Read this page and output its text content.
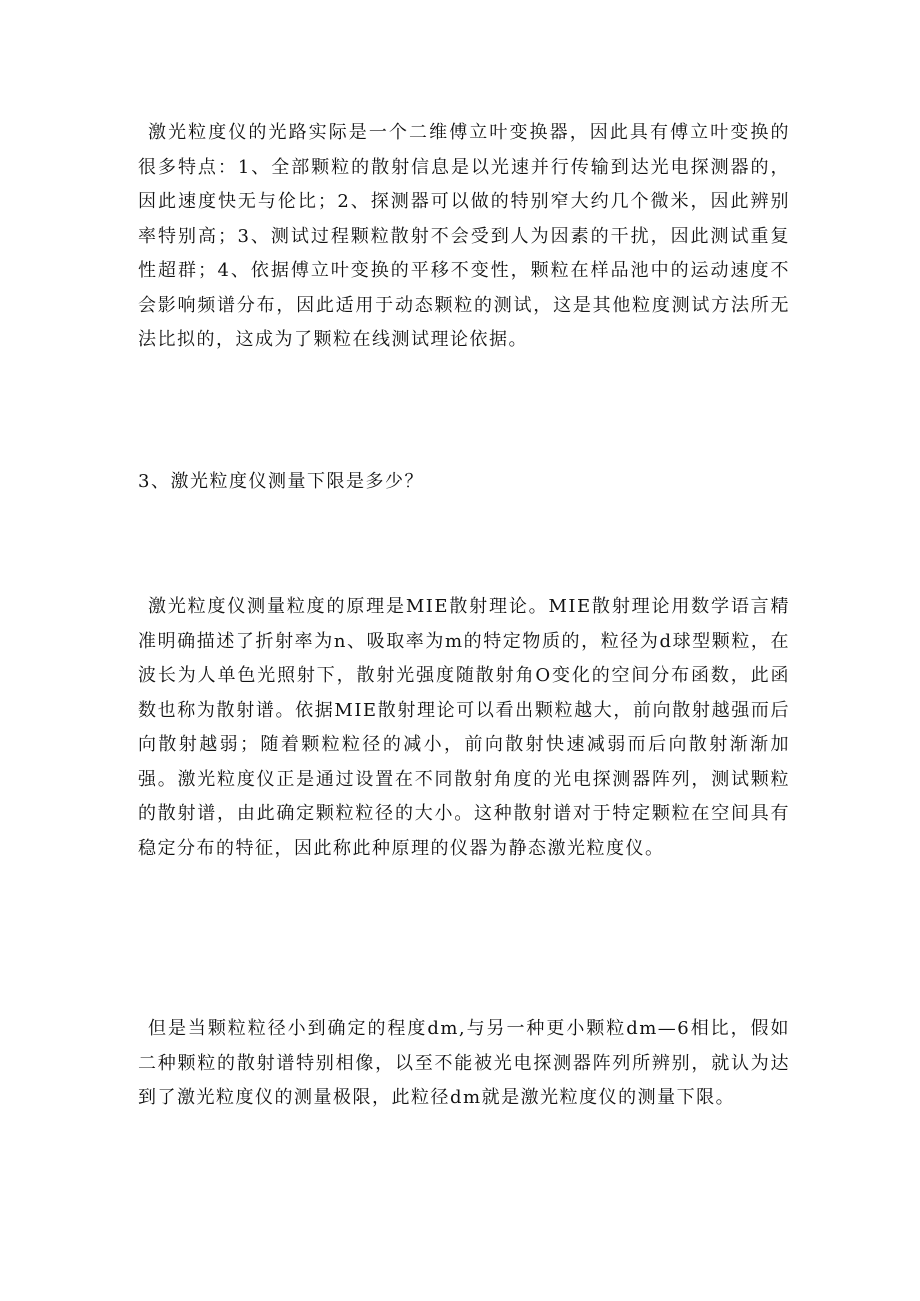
激光粒度仪的光路实际是一个二维傅立叶变换器，因此具有傅立叶变换的很多特点：1、全部颗粒的散射信息是以光速并行传输到达光电探测器的，因此速度快无与伦比；2、探测器可以做的特别窄大约几个微米，因此辨别率特别高；3、测试过程颗粒散射不会受到人为因素的干扰，因此测试重复性超群；4、依据傅立叶变换的平移不变性，颗粒在样品池中的运动速度不会影响频谱分布，因此适用于动态颗粒的测试，这是其他粒度测试方法所无法比拟的，这成为了颗粒在线测试理论依据。

3、激光粒度仪测量下限是多少？

激光粒度仪测量粒度的原理是MIE散射理论。MIE散射理论用数学语言精准明确描述了折射率为n、吸取率为m的特定物质的，粒径为d球型颗粒，在波长为人单色光照射下，散射光强度随散射角O变化的空间分布函数，此函数也称为散射谱。依据MIE散射理论可以看出颗粒越大，前向散射越强而后向散射越弱；随着颗粒粒径的减小，前向散射快速减弱而后向散射渐渐加强。激光粒度仪正是通过设置在不同散射角度的光电探测器阵列，测试颗粒的散射谱，由此确定颗粒粒径的大小。这种散射谱对于特定颗粒在空间具有稳定分布的特征，因此称此种原理的仪器为静态激光粒度仪。

但是当颗粒粒径小到确定的程度dm,与另一种更小颗粒dm—6相比，假如二种颗粒的散射谱特别相像，以至不能被光电探测器阵列所辨别，就认为达到了激光粒度仪的测量极限，此粒径dm就是激光粒度仪的测量下限。
